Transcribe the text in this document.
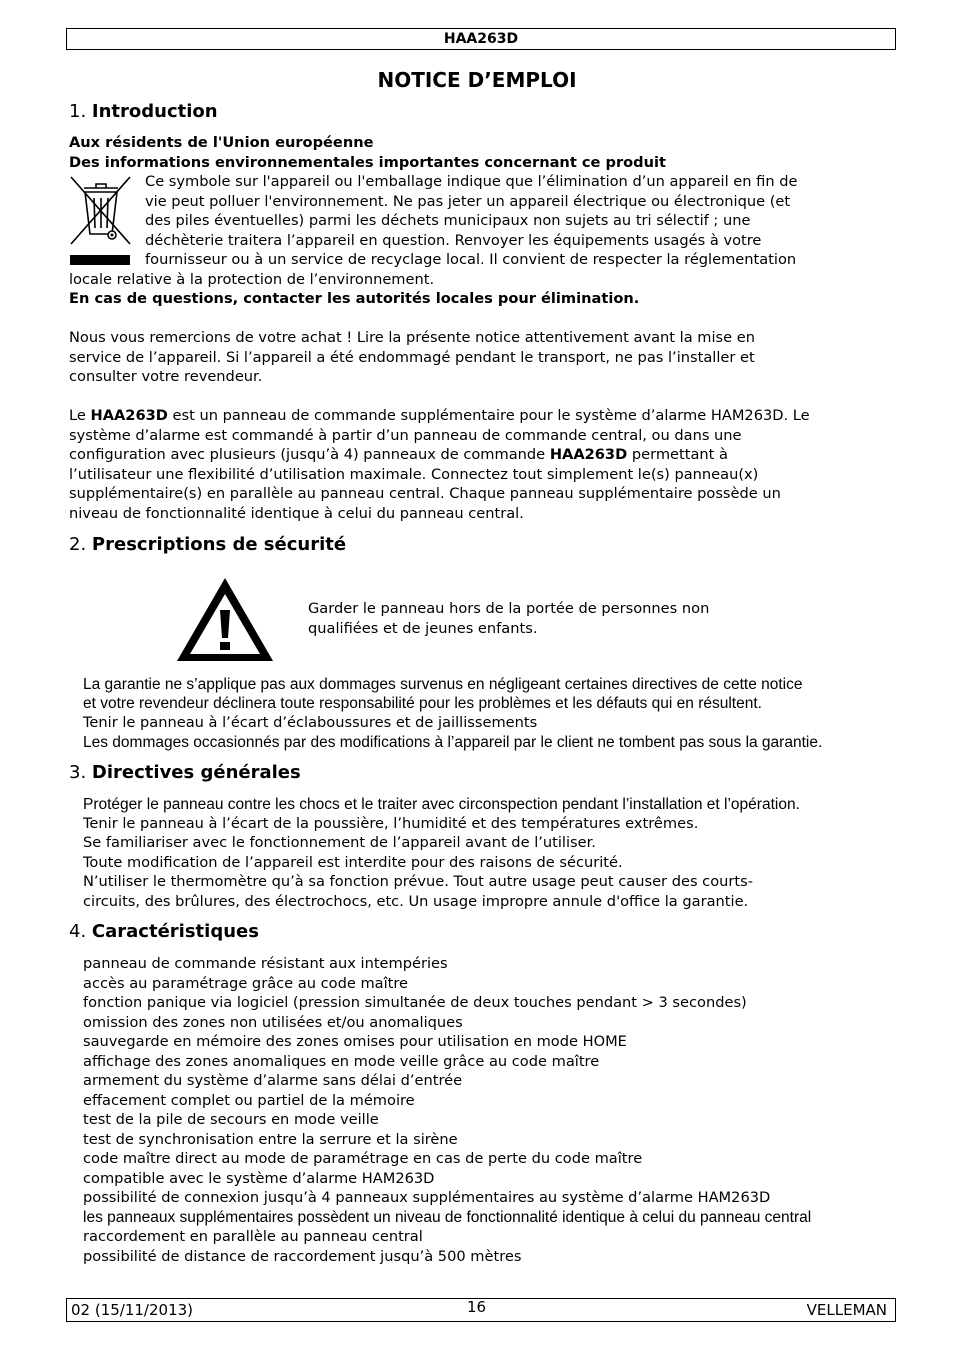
HAA263D
NOTICE D’EMPLOI
1. Introduction
Aux résidents de l'Union européenne
Des informations environnementales importantes concernant ce produit
Ce symbole sur l'appareil ou l'emballage indique que l’élimination d’un appareil en fin de
vie peut polluer l'environnement. Ne pas jeter un appareil électrique ou électronique (et
des piles éventuelles) parmi les déchets municipaux non sujets au tri sélectif ; une
déchèterie traitera l’appareil en question. Renvoyer les équipements usagés à votre
fournisseur ou à un service de recyclage local. Il convient de respecter la réglementation
locale relative à la protection de l’environnement.
En cas de questions, contacter les autorités locales pour élimination.
Nous vous remercions de votre achat ! Lire la présente notice attentivement avant la mise en
service de l’appareil. Si l’appareil a été endommagé pendant le transport, ne pas l’installer et
consulter votre revendeur.
Le HAA263D est un panneau de commande supplémentaire pour le système d’alarme HAM263D. Le
système d’alarme est commandé à partir d’un panneau de commande central, ou dans une
configuration avec plusieurs (jusqu’à 4) panneaux de commande HAA263D permettant à
l’utilisateur une flexibilité d’utilisation maximale. Connectez tout simplement le(s) panneau(x)
supplémentaire(s) en parallèle au panneau central. Chaque panneau supplémentaire possède un
niveau de fonctionnalité identique à celui du panneau central.
2. Prescriptions de sécurité
Garder le panneau hors de la portée de personnes non
qualifiées et de jeunes enfants.
La garantie ne s’applique pas aux dommages survenus en négligeant certaines directives de cette notice
et votre revendeur déclinera toute responsabilité pour les problèmes et les défauts qui en résultent.
Tenir le panneau à l’écart d’éclaboussures et de jaillissements
Les dommages occasionnés par des modifications à l’appareil par le client ne tombent pas sous la garantie.
3. Directives générales
Protéger le panneau contre les chocs et le traiter avec circonspection pendant l’installation et l’opération.
Tenir le panneau à l’écart de la poussière, l’humidité et des températures extrêmes.
Se familiariser avec le fonctionnement de l’appareil avant de l’utiliser.
Toute modification de l’appareil est interdite pour des raisons de sécurité.
N’utiliser le thermomètre qu’à sa fonction prévue. Tout autre usage peut causer des courts-
circuits, des brûlures, des électrochocs, etc. Un usage impropre annule d'office la garantie.
4. Caractéristiques
panneau de commande résistant aux intempéries
accès au paramétrage grâce au code maître
fonction panique via logiciel (pression simultanée de deux touches pendant > 3 secondes)
omission des zones non utilisées et/ou anomaliques
sauvegarde en mémoire des zones omises pour utilisation en mode HOME
affichage des zones anomaliques en mode veille grâce au code maître
armement du système d’alarme sans délai d’entrée
effacement complet ou partiel de la mémoire
test de la pile de secours en mode veille
test de synchronisation entre la serrure et la sirène
code maître direct au mode de paramétrage en cas de perte du code maître
compatible avec le système d’alarme HAM263D
possibilité de connexion jusqu’à 4 panneaux supplémentaires au système d’alarme HAM263D
les panneaux supplémentaires possèdent un niveau de fonctionnalité identique à celui du panneau central
raccordement en parallèle au panneau central
possibilité de distance de raccordement jusqu’à 500 mètres
02 (15/11/2013)	16	VELLEMAN
